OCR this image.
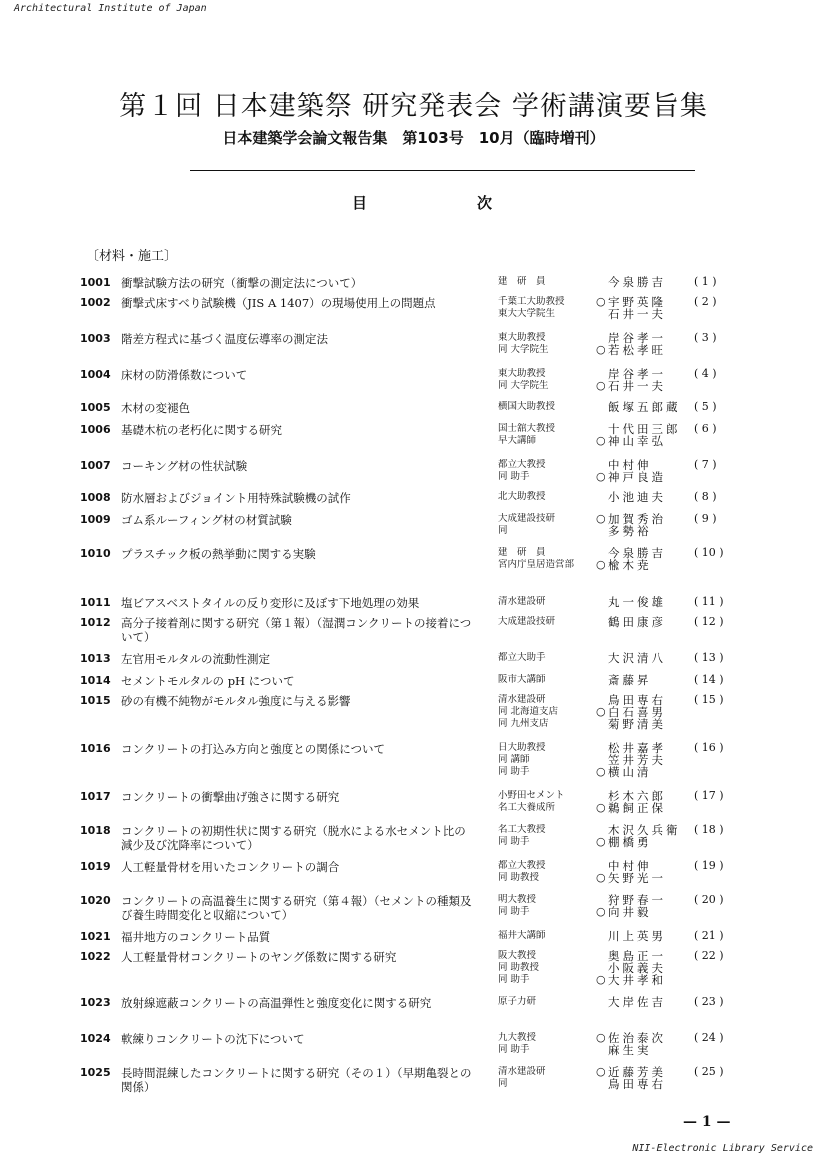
Architectural Institute of Japan
第１回 日本建築祭 研究発表会 学術講演要旨集
日本建築学会論文報告集　第103号　10月（臨時増刊）
目	次
〔材料・施工〕
1001 衝撃試験方法の研究（衝撃の測定法について）	建　研　員	今泉勝吉	( 1 )
1002 衝撃式床すべり試験機（JIS A 1407）の現場使用上の問題点	千葉工大助教授	○ 宇野英隆	( 2 )
東大大学院生	石井一夫
1003 階差方程式に基づく温度伝導率の測定法	東大助教授	岸谷孝一	( 3 )
同 大学院生	○ 若松孝旺
1004 床材の防滑係数について	東大助教授	岸谷孝一	( 4 )
同 大学院生	○ 石井一夫
1005 木材の変褪色	横国大助教授	飯塚五郎蔵	( 5 )
1006 基礎木杭の老朽化に関する研究	国士舘大教授	十代田三郎	( 6 )
早大講師	○ 神山幸弘
1007 コーキング材の性状試験	都立大教授	中村伸	( 7 )
同 助手	○ 神戸良造
1008 防水層およびジョイント用特殊試験機の試作	北大助教授	小池迪夫	( 8 )
1009 ゴム系ルーフィング材の材質試験	大成建設技研	○ 加賀秀治	( 9 )
同	多勢裕
1010 プラスチック板の熱挙動に関する実験	建　研　員	今泉勝吉	( 10 )
宮内庁皇居造営部	○ 楡木尭
1011 塩ビアスベストタイルの反り変形に及ぼす下地処理の効果	清水建設研	丸一俊雄	( 11 )
1012 高分子接着剤に関する研究（第１報）（湿潤コンクリートの接着について）
大成建設技研	鶴田康彦	( 12 )
1013 左官用モルタルの流動性測定	都立大助手	大沢清八	( 13 )
1014 セメントモルタルの pH について	阪市大講師	斎藤昇	( 14 )
1015 砂の有機不純物がモルタル強度に与える影響	清水建設研	鳥田専右	( 15 )
同 北海道支店	○ 白石喜男
同 九州支店	菊野清美
1016 コンクリートの打込み方向と強度との関係について	日大助教授	松井嘉孝	( 16 )
同 講師	笠井芳夫
同 助手	○ 横山清
1017 コンクリートの衝撃曲げ強さに関する研究	小野田セメント	杉木六郎	( 17 )
名工大養成所	○ 鵜飼正保
1018 コンクリートの初期性状に関する研究（脱水による水セメント比の減少及び沈降率について）
名工大教授	木沢久兵衛	( 18 )
同 助手	○ 棚橋勇
1019 人工軽量骨材を用いたコンクリートの調合	都立大教授	中村伸	( 19 )
同 助教授	○ 矢野光一
1020 コンクリートの高温養生に関する研究（第４報）（セメントの種類及び養生時間変化と収縮について）
明大教授	狩野春一	( 20 )
同 助手	○ 向井毅
1021 福井地方のコンクリート品質	福井大講師	川上英男	( 21 )
1022 人工軽量骨材コンクリートのヤング係数に関する研究	阪大教授	奥島正一	( 22 )
同 助教授	小阪義夫
同 助手	○ 大井孝和
1023 放射線遮蔽コンクリートの高温弾性と強度変化に関する研究	原子力研	大岸佐吉	( 23 )
1024 軟練りコンクリートの沈下について	九大教授	○ 佐治泰次	( 24 )
同 助手	麻生実
1025 長時間混練したコンクリートに関する研究（その１）（早期亀裂との関係）
清水建設研	○ 近藤芳美	( 25 )
同	鳥田専右
— 1 —
NII-Electronic Library Service
